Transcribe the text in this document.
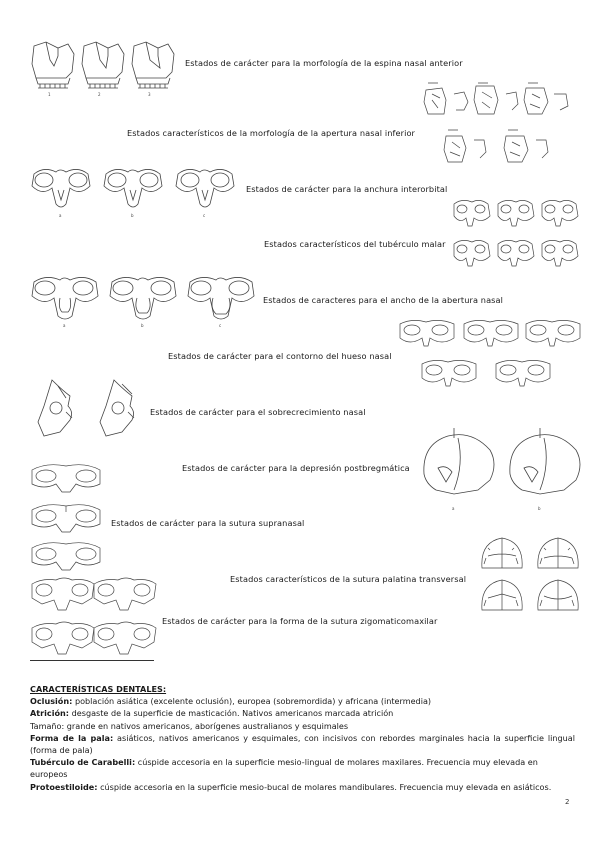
Estados de carácter para la morfología de la espina nasal anterior
Estados característicos de la morfología de la apertura nasal inferior
Estados de carácter para la anchura interorbital
Estados característicos del tubérculo malar
Estados de caracteres para el ancho de la abertura nasal
Estados de carácter para el contorno del hueso nasal
Estados de carácter para el sobrecrecimiento nasal
Estados de carácter para la depresión postbregmática
Estados de carácter para la sutura supranasal
Estados característicos de la sutura palatina transversal
Estados de carácter para la forma de la sutura zigomaticomaxilar
1	2	3
a	b	c
a	b	c
a	b
CARACTERÍSTICAS DENTALES:
Oclusión: población asiática (excelente oclusión), europea (sobremordida) y africana (intermedia)
Atrición: desgaste de la superficie de masticación. Nativos americanos marcada atrición
Tamaño: grande en nativos americanos, aborígenes australianos y esquimales
Forma de la pala: asiáticos, nativos americanos y esquimales, con incisivos con rebordes marginales hacia la superficie lingual (forma de pala)
Tubérculo de Carabelli: cúspide accesoria en la superficie mesio-lingual de molares maxilares. Frecuencia muy elevada en europeos
Protoestiloide: cúspide accesoria en la superficie mesio-bucal de molares mandibulares. Frecuencia muy elevada en asiáticos.
2
